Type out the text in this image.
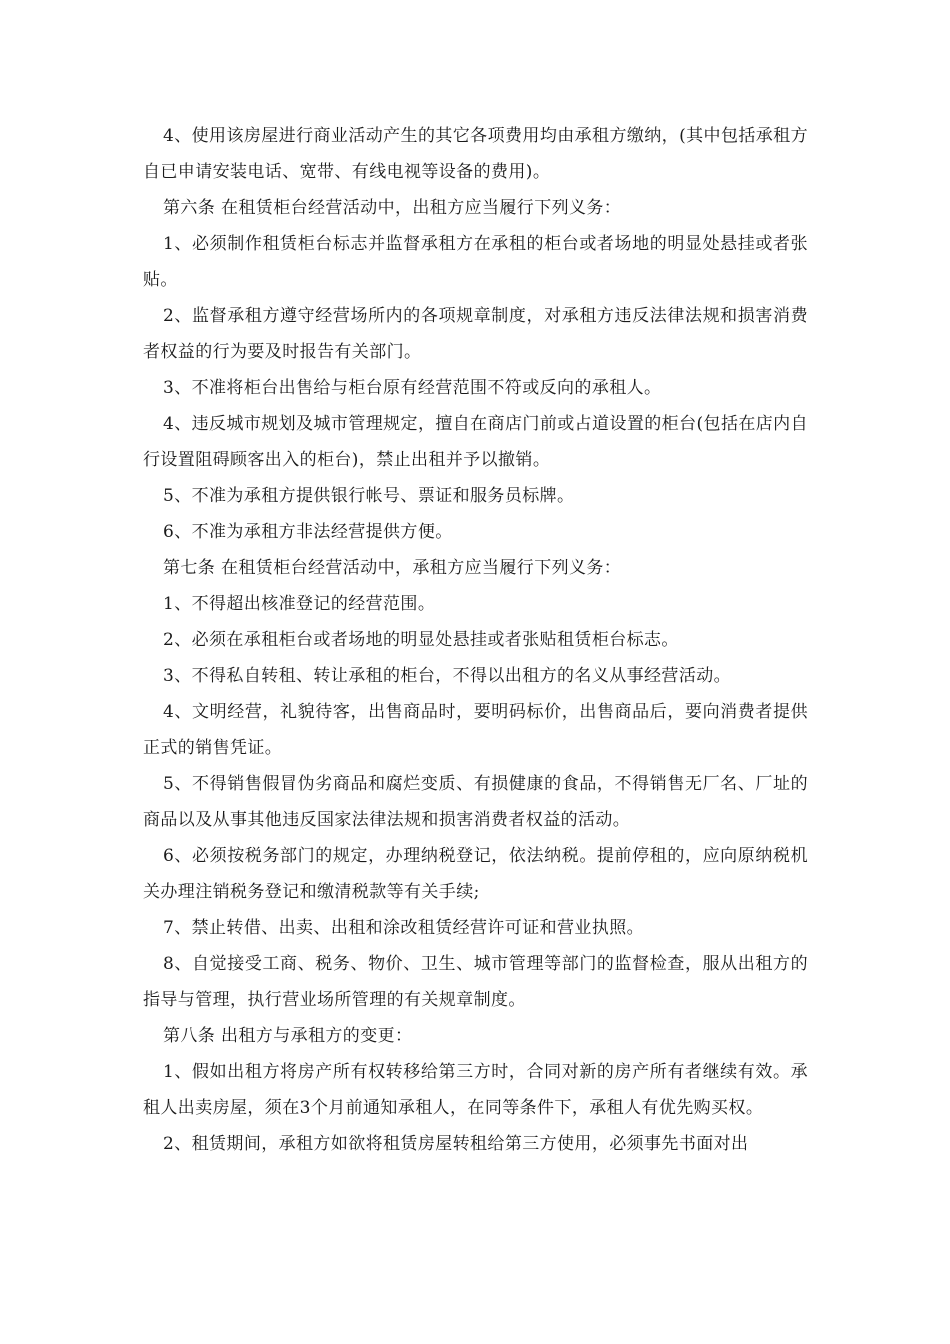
4、使用该房屋进行商业活动产生的其它各项费用均由承租方缴纳，(其中包括承租方自已申请安装电话、宽带、有线电视等设备的费用)。

第六条 在租赁柜台经营活动中，出租方应当履行下列义务：

1、必须制作租赁柜台标志并监督承租方在承租的柜台或者场地的明显处悬挂或者张贴。

2、监督承租方遵守经营场所内的各项规章制度，对承租方违反法律法规和损害消费者权益的行为要及时报告有关部门。

3、不准将柜台出售给与柜台原有经营范围不符或反向的承租人。

4、违反城市规划及城市管理规定，擅自在商店门前或占道设置的柜台(包括在店内自行设置阻碍顾客出入的柜台)，禁止出租并予以撤销。

5、不准为承租方提供银行帐号、票证和服务员标牌。

6、不准为承租方非法经营提供方便。

第七条 在租赁柜台经营活动中，承租方应当履行下列义务：

1、不得超出核准登记的经营范围。

2、必须在承租柜台或者场地的明显处悬挂或者张贴租赁柜台标志。

3、不得私自转租、转让承租的柜台，不得以出租方的名义从事经营活动。

4、文明经营，礼貌待客，出售商品时，要明码标价，出售商品后，要向消费者提供正式的销售凭证。

5、不得销售假冒伪劣商品和腐烂变质、有损健康的食品，不得销售无厂名、厂址的商品以及从事其他违反国家法律法规和损害消费者权益的活动。

6、必须按税务部门的规定，办理纳税登记，依法纳税。提前停租的，应向原纳税机关办理注销税务登记和缴清税款等有关手续;

7、禁止转借、出卖、出租和涂改租赁经营许可证和营业执照。

8、自觉接受工商、税务、物价、卫生、城市管理等部门的监督检查，服从出租方的指导与管理，执行营业场所管理的有关规章制度。

第八条 出租方与承租方的变更：

1、假如出租方将房产所有权转移给第三方时，合同对新的房产所有者继续有效。承租人出卖房屋，须在3个月前通知承租人，在同等条件下，承租人有优先购买权。

2、租赁期间，承租方如欲将租赁房屋转租给第三方使用，必须事先书面对出
